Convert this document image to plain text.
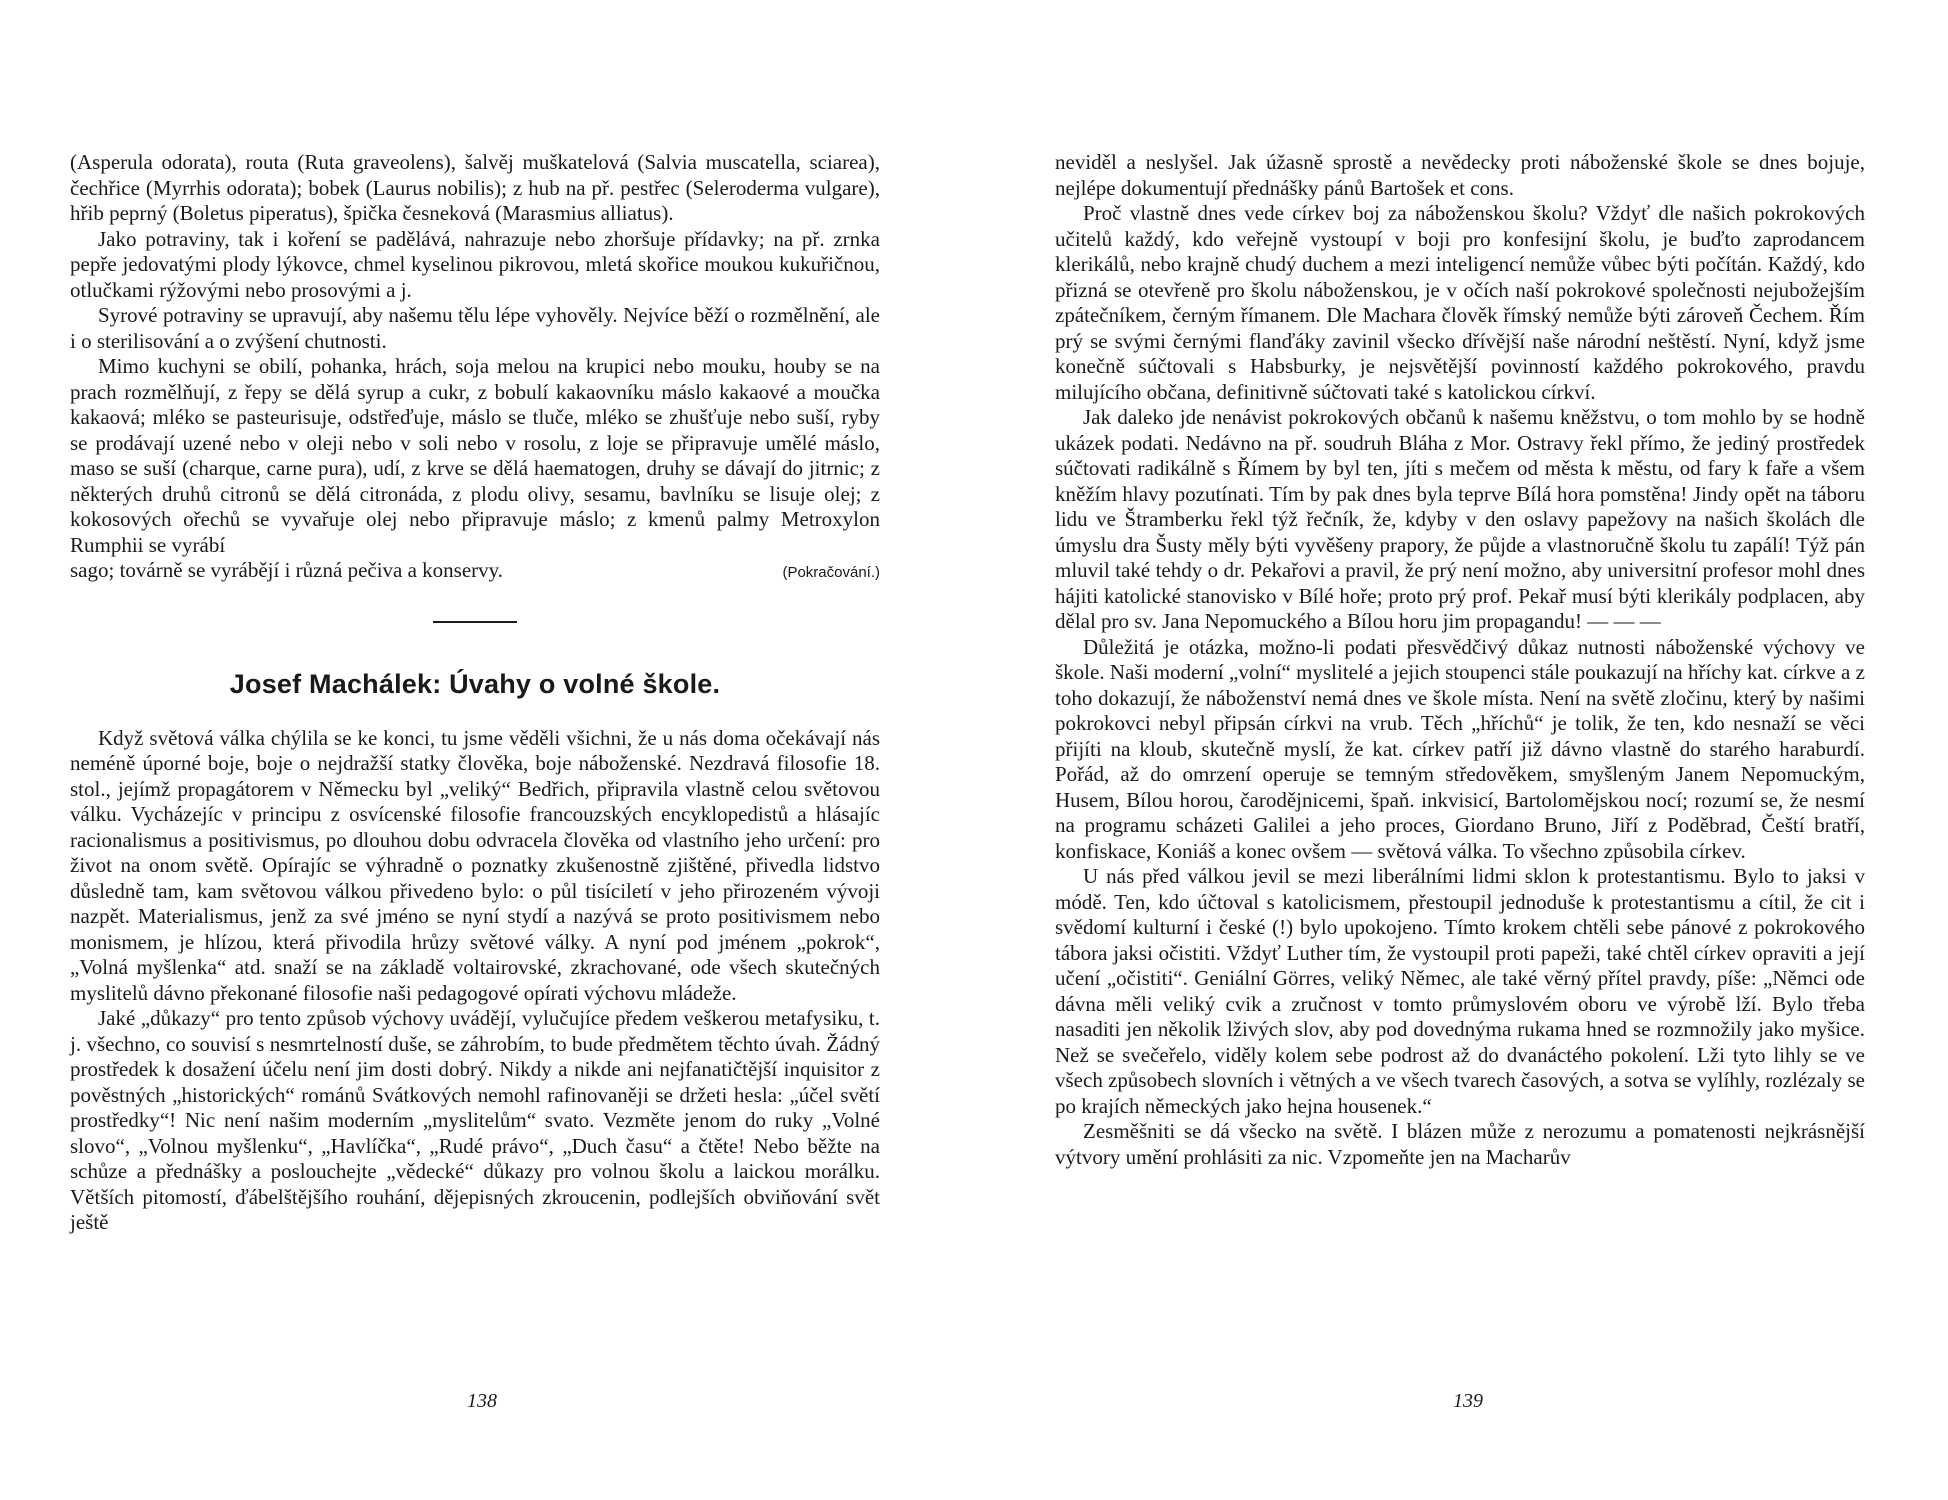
(Asperula odorata), routa (Ruta graveolens), šalvěj muškatelová (Salvia muscatella, sciarea), čechřice (Myrrhis odorata); bobek (Laurus nobilis); z hub na př. pestřec (Seleroderma vulgare), hřib peprný (Boletus piperatus), špička česneková (Marasmius alliatus).

Jako potraviny, tak i koření se padělává, nahrazuje nebo zhoršuje přídavky; na př. zrnka pepře jedovatými plody lýkovce, chmel kyselinou pikrovou, mletá skořice moukou kukuřičnou, otlučkami rýžovými nebo prosovými a j.

Syrové potraviny se upravují, aby našemu tělu lépe vyhověly. Nejvíce běží o rozmělnění, ale i o sterilisování a o zvýšení chutnosti.

Mimo kuchyni se obilí, pohanka, hrách, soja melou na krupici nebo mouku, houby se na prach rozmělňují, z řepy se dělá syrup a cukr, z bobulí kakaovníku máslo kakaové a moučka kakaová; mléko se pasteurisuje, odstřeďuje, máslo se tluče, mléko se zhušťuje nebo suší, ryby se prodávají uzené nebo v oleji nebo v soli nebo v rosolu, z loje se připravuje umělé máslo, maso se suší (charque, carne pura), udí, z krve se dělá haematogen, druhy se dávají do jitrnic; z některých druhů citronů se dělá citronáda, z plodu olivy, sesamu, bavlníku se lisuje olej; z kokosových ořechů se vyvařuje olej nebo připravuje máslo; z kmenů palmy Metroxylon Rumphii se vyrábí

sago; továrně se vyrábějí i různá pečiva a konservy.	(Pokračování.)
Josef Machálek: Úvahy o volné škole.

Když světová válka chýlila se ke konci, tu jsme věděli všichni, že u nás doma očekávají nás neméně úporné boje, boje o nejdražší statky člověka, boje náboženské. Nezdravá filosofie 18. stol., jejímž propagátorem v Německu byl „veliký“ Bedřich, připravila vlastně celou světovou válku. Vycházejíc v principu z osvícenské filosofie francouzských encyklopedistů a hlásajíc racionalismus a positivismus, po dlouhou dobu odvracela člověka od vlastního jeho určení: pro život na onom světě. Opírajíc se výhradně o poznatky zkušenostně zjištěné, přivedla lidstvo důsledně tam, kam světovou válkou přivedeno bylo: o půl tisíciletí v jeho přirozeném vývoji nazpět. Materialismus, jenž za své jméno se nyní stydí a nazývá se proto positivismem nebo monismem, je hlízou, která přivodila hrůzy světové války. A nyní pod jménem „pokrok“, „Volná myšlenka“ atd. snaží se na základě voltairovské, zkrachované, ode všech skutečných myslitelů dávno překonané filosofie naši pedagogové opírati výchovu mládeže.

Jaké „důkazy“ pro tento způsob výchovy uvádějí, vylučujíce předem veškerou metafysiku, t. j. všechno, co souvisí s nesmrtelností duše, se záhrobím, to bude předmětem těchto úvah. Žádný prostředek k dosažení účelu není jim dosti dobrý. Nikdy a nikde ani nejfanatičtější inquisitor z pověstných „historických“ románů Svátkových nemohl rafinovaněji se držeti hesla: „účel světí prostředky“! Nic není našim moderním „myslitelům“ svato. Vezměte jenom do ruky „Volné slovo“, „Volnou myšlenku“, „Havlíčka“, „Rudé právo“, „Duch času“ a čtěte! Nebo běžte na schůze a přednášky a poslouchejte „vědecké“ důkazy pro volnou školu a laickou morálku. Větších pitomostí, ďábelštějšího rouhání, dějepisných zkroucenin, podlejších obviňování svět ještě

neviděl a neslyšel. Jak úžasně sprostě a nevědecky proti náboženské škole se dnes bojuje, nejlépe dokumentují přednášky pánů Bartošek et cons.

Proč vlastně dnes vede církev boj za náboženskou školu? Vždyť dle našich pokrokových učitelů každý, kdo veřejně vystoupí v boji pro konfesijní školu, je buďto zaprodancem klerikálů, nebo krajně chudý duchem a mezi inteligencí nemůže vůbec býti počítán. Každý, kdo přizná se otevřeně pro školu náboženskou, je v očích naší pokrokové společnosti nejubožejším zpátečníkem, černým římanem. Dle Machara člověk římský nemůže býti zároveň Čechem. Řím prý se svými černými flanďáky zavinil všecko dřívější naše národní neštěstí. Nyní, když jsme konečně súčtovali s Habsburky, je nejsvětější povinností každého pokrokového, pravdu milujícího občana, definitivně súčtovati také s katolickou církví.

Jak daleko jde nenávist pokrokových občanů k našemu kněžstvu, o tom mohlo by se hodně ukázek podati. Nedávno na př. soudruh Bláha z Mor. Ostravy řekl přímo, že jediný prostředek súčtovati radikálně s Římem by byl ten, jíti s mečem od města k městu, od fary k faře a všem kněžím hlavy pozutínati. Tím by pak dnes byla teprve Bílá hora pomstěna! Jindy opět na táboru lidu ve Štramberku řekl týž řečník, že, kdyby v den oslavy papežovy na našich školách dle úmyslu dra Šusty měly býti vyvěšeny prapory, že půjde a vlastnoručně školu tu zapálí! Týž pán mluvil také tehdy o dr. Pekařovi a pravil, že prý není možno, aby universitní profesor mohl dnes hájiti katolické stanovisko v Bílé hoře; proto prý prof. Pekař musí býti klerikály podplacen, aby dělal pro sv. Jana Nepomuckého a Bílou horu jim propagandu! — — —

Důležitá je otázka, možno-li podati přesvědčivý důkaz nutnosti náboženské výchovy ve škole. Naši moderní „volní“ myslitelé a jejich stoupenci stále poukazují na hříchy kat. církve a z toho dokazují, že náboženství nemá dnes ve škole místa. Není na světě zločinu, který by našimi pokrokovci nebyl připsán církvi na vrub. Těch „hříchů“ je tolik, že ten, kdo nesnaží se věci přijíti na kloub, skutečně myslí, že kat. církev patří již dávno vlastně do starého haraburdí. Pořád, až do omrzení operuje se temným středověkem, smyšleným Janem Nepomuckým, Husem, Bílou horou, čarodějnicemi, špaň. inkvisicí, Bartolomějskou nocí; rozumí se, že nesmí na programu scházeti Galilei a jeho proces, Giordano Bruno, Jiří z Poděbrad, Čeští bratří, konfiskace, Koniáš a konec ovšem — světová válka. To všechno způsobila církev.

U nás před válkou jevil se mezi liberálními lidmi sklon k protestantismu. Bylo to jaksi v módě. Ten, kdo účtoval s katolicismem, přestoupil jednoduše k protestantismu a cítil, že cit i svědomí kulturní i české (!) bylo upokojeno. Tímto krokem chtěli sebe pánové z pokrokového tábora jaksi očistiti. Vždyť Luther tím, že vystoupil proti papeži, také chtěl církev opraviti a její učení „očistiti“. Geniální Görres, veliký Němec, ale také věrný přítel pravdy, píše: „Němci ode dávna měli veliký cvik a zručnost v tomto průmyslovém oboru ve výrobě lží. Bylo třeba nasaditi jen několik lživých slov, aby pod dovednýma rukama hned se rozmnožily jako myšice. Než se svečeřelo, viděly kolem sebe podrost až do dvanáctého pokolení. Lži tyto lihly se ve všech způsobech slovních i větných a ve všech tvarech časových, a sotva se vylíhly, rozlézaly se po krajích německých jako hejna housenek.“

Zesměšniti se dá všecko na světě. I blázen může z nerozumu a pomatenosti nejkrásnější výtvory umění prohlásiti za nic. Vzpomeňte jen na Macharův

138	139
